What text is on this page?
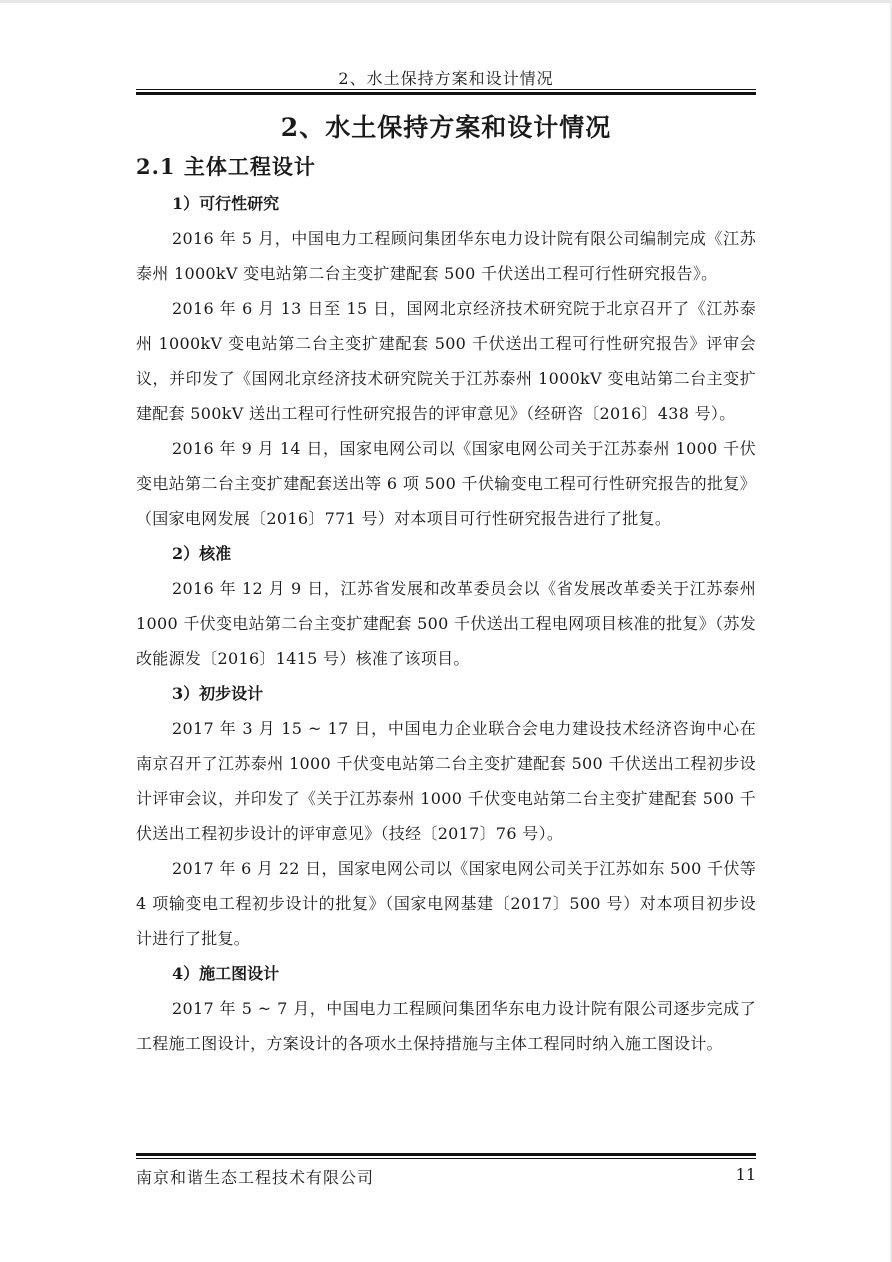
2、水土保持方案和设计情况
2、水土保持方案和设计情况
2.1 主体工程设计
1）可行性研究

2016 年 5 月，中国电力工程顾问集团华东电力设计院有限公司编制完成《江苏泰州 1000kV 变电站第二台主变扩建配套 500 千伏送出工程可行性研究报告》。

2016 年 6 月 13 日至 15 日，国网北京经济技术研究院于北京召开了《江苏泰州 1000kV 变电站第二台主变扩建配套 500 千伏送出工程可行性研究报告》评审会议，并印发了《国网北京经济技术研究院关于江苏泰州 1000kV 变电站第二台主变扩建配套 500kV 送出工程可行性研究报告的评审意见》（经研咨〔2016〕438 号）。

2016 年 9 月 14 日，国家电网公司以《国家电网公司关于江苏泰州 1000 千伏变电站第二台主变扩建配套送出等 6 项 500 千伏输变电工程可行性研究报告的批复》（国家电网发展〔2016〕771 号）对本项目可行性研究报告进行了批复。

2）核准

2016 年 12 月 9 日，江苏省发展和改革委员会以《省发展改革委关于江苏泰州 1000 千伏变电站第二台主变扩建配套 500 千伏送出工程电网项目核准的批复》（苏发改能源发〔2016〕1415 号）核准了该项目。

3）初步设计

2017 年 3 月 15 ~ 17 日，中国电力企业联合会电力建设技术经济咨询中心在南京召开了江苏泰州 1000 千伏变电站第二台主变扩建配套 500 千伏送出工程初步设计评审会议，并印发了《关于江苏泰州 1000 千伏变电站第二台主变扩建配套 500 千伏送出工程初步设计的评审意见》（技经〔2017〕76 号）。

2017 年 6 月 22 日，国家电网公司以《国家电网公司关于江苏如东 500 千伏等 4 项输变电工程初步设计的批复》（国家电网基建〔2017〕500 号）对本项目初步设计进行了批复。

4）施工图设计

2017 年 5 ~ 7 月，中国电力工程顾问集团华东电力设计院有限公司逐步完成了工程施工图设计，方案设计的各项水土保持措施与主体工程同时纳入施工图设计。

南京和谐生态工程技术有限公司	11
